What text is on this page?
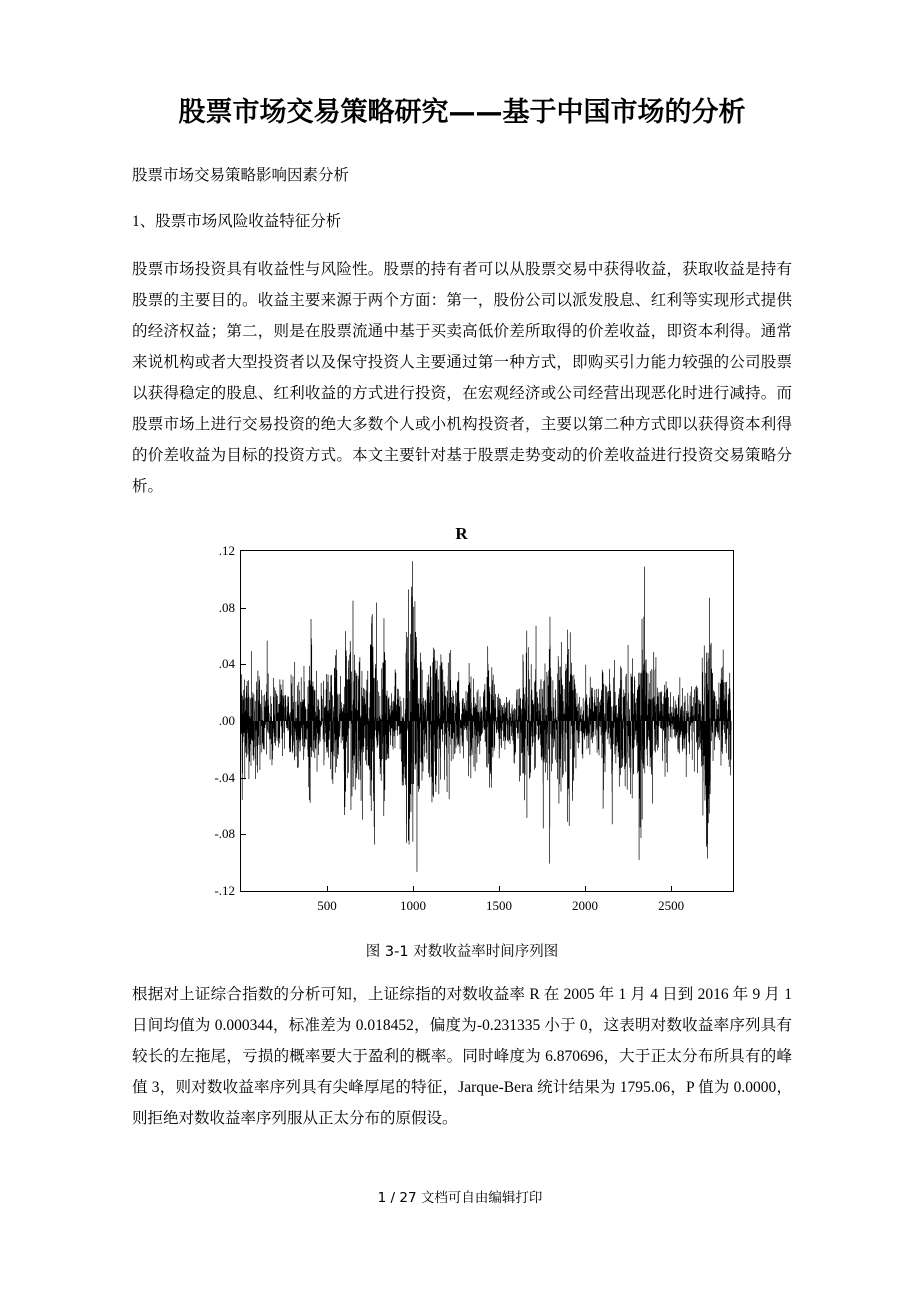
股票市场交易策略研究——基于中国市场的分析

股票市场交易策略影响因素分析

1、股票市场风险收益特征分析

股票市场投资具有收益性与风险性。股票的持有者可以从股票交易中获得收益，获取收益是持有股票的主要目的。收益主要来源于两个方面：第一，股份公司以派发股息、红利等实现形式提供的经济权益；第二，则是在股票流通中基于买卖高低价差所取得的价差收益，即资本利得。通常来说机构或者大型投资者以及保守投资人主要通过第一种方式，即购买引力能力较强的公司股票以获得稳定的股息、红利收益的方式进行投资，在宏观经济或公司经营出现恶化时进行减持。而股票市场上进行交易投资的绝大多数个人或小机构投资者，主要以第二种方式即以获得资本利得的价差收益为目标的投资方式。本文主要针对基于股票走势变动的价差收益进行投资交易策略分析。

R
.12
.08
.04
.00
-.04
-.08
-.12
500	1000	1500	2000	2500
图 3-1 对数收益率时间序列图

根据对上证综合指数的分析可知，上证综指的对数收益率 R 在 2005 年 1 月 4 日到 2016 年 9 月 1 日间均值为 0.000344，标准差为 0.018452，偏度为-0.231335 小于 0，这表明对数收益率序列具有较长的左拖尾，亏损的概率要大于盈利的概率。同时峰度为 6.870696，大于正太分布所具有的峰值 3，则对数收益率序列具有尖峰厚尾的特征，Jarque-Bera 统计结果为 1795.06，P 值为 0.0000，则拒绝对数收益率序列服从正太分布的原假设。

1 / 27 文档可自由编辑打印
